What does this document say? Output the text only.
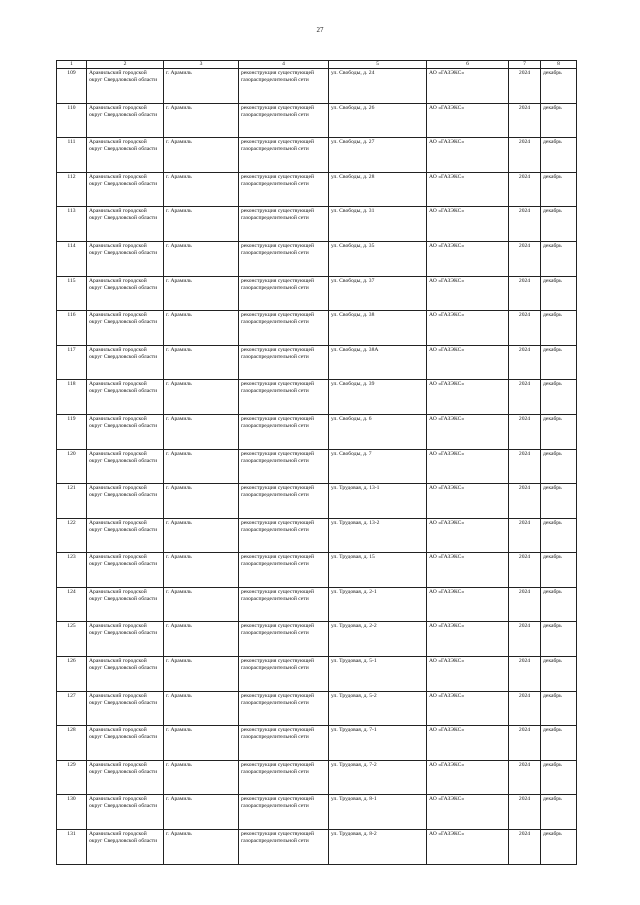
27
1	2	3	4	5	6	7	8
109	Арамильский городской округ Свердловской области	г. Арамиль	реконструкция существующей газораспределительной сети	ул. Свободы, д. 24	АО «ГАЗЭКС»	2024	декабрь
110	Арамильский городской округ Свердловской области	г. Арамиль	реконструкция существующей газораспределительной сети	ул. Свободы, д. 26	АО «ГАЗЭКС»	2024	декабрь
111	Арамильский городской округ Свердловской области	г. Арамиль	реконструкция существующей газораспределительной сети	ул. Свободы, д. 27	АО «ГАЗЭКС»	2024	декабрь
112	Арамильский городской округ Свердловской области	г. Арамиль	реконструкция существующей газораспределительной сети	ул. Свободы, д. 28	АО «ГАЗЭКС»	2024	декабрь
113	Арамильский городской округ Свердловской области	г. Арамиль	реконструкция существующей газораспределительной сети	ул. Свободы, д. 31	АО «ГАЗЭКС»	2024	декабрь
114	Арамильский городской округ Свердловской области	г. Арамиль	реконструкция существующей газораспределительной сети	ул. Свободы, д. 35	АО «ГАЗЭКС»	2024	декабрь
115	Арамильский городской округ Свердловской области	г. Арамиль	реконструкция существующей газораспределительной сети	ул. Свободы, д. 37	АО «ГАЗЭКС»	2024	декабрь
116	Арамильский городской округ Свердловской области	г. Арамиль	реконструкция существующей газораспределительной сети	ул. Свободы, д. 38	АО «ГАЗЭКС»	2024	декабрь
117	Арамильский городской округ Свердловской области	г. Арамиль	реконструкция существующей газораспределительной сети	ул. Свободы, д. 38А	АО «ГАЗЭКС»	2024	декабрь
118	Арамильский городской округ Свердловской области	г. Арамиль	реконструкция существующей газораспределительной сети	ул. Свободы, д. 39	АО «ГАЗЭКС»	2024	декабрь
119	Арамильский городской округ Свердловской области	г. Арамиль	реконструкция существующей газораспределительной сети	ул. Свободы, д. 6	АО «ГАЗЭКС»	2024	декабрь
120	Арамильский городской округ Свердловской области	г. Арамиль	реконструкция существующей газораспределительной сети	ул. Свободы, д. 7	АО «ГАЗЭКС»	2024	декабрь
121	Арамильский городской округ Свердловской области	г. Арамиль	реконструкция существующей газораспределительной сети	ул. Трудовая, д. 13-1	АО «ГАЗЭКС»	2024	декабрь
122	Арамильский городской округ Свердловской области	г. Арамиль	реконструкция существующей газораспределительной сети	ул. Трудовая, д. 13-2	АО «ГАЗЭКС»	2024	декабрь
123	Арамильский городской округ Свердловской области	г. Арамиль	реконструкция существующей газораспределительной сети	ул. Трудовая, д. 15	АО «ГАЗЭКС»	2024	декабрь
124	Арамильский городской округ Свердловской области	г. Арамиль	реконструкция существующей газораспределительной сети	ул. Трудовая, д. 2-1	АО «ГАЗЭКС»	2024	декабрь
125	Арамильский городской округ Свердловской области	г. Арамиль	реконструкция существующей газораспределительной сети	ул. Трудовая, д. 2-2	АО «ГАЗЭКС»	2024	декабрь
126	Арамильский городской округ Свердловской области	г. Арамиль	реконструкция существующей газораспределительной сети	ул. Трудовая, д. 5-1	АО «ГАЗЭКС»	2024	декабрь
127	Арамильский городской округ Свердловской области	г. Арамиль	реконструкция существующей газораспределительной сети	ул. Трудовая, д. 5-2	АО «ГАЗЭКС»	2024	декабрь
128	Арамильский городской округ Свердловской области	г. Арамиль	реконструкция существующей газораспределительной сети	ул. Трудовая, д. 7-1	АО «ГАЗЭКС»	2024	декабрь
129	Арамильский городской округ Свердловской области	г. Арамиль	реконструкция существующей газораспределительной сети	ул. Трудовая, д. 7-2	АО «ГАЗЭКС»	2024	декабрь
130	Арамильский городской округ Свердловской области	г. Арамиль	реконструкция существующей газораспределительной сети	ул. Трудовая, д. 8-1	АО «ГАЗЭКС»	2024	декабрь
131	Арамильский городской округ Свердловской области	г. Арамиль	реконструкция существующей газораспределительной сети	ул. Трудовая, д. 8-2	АО «ГАЗЭКС»	2024	декабрь
